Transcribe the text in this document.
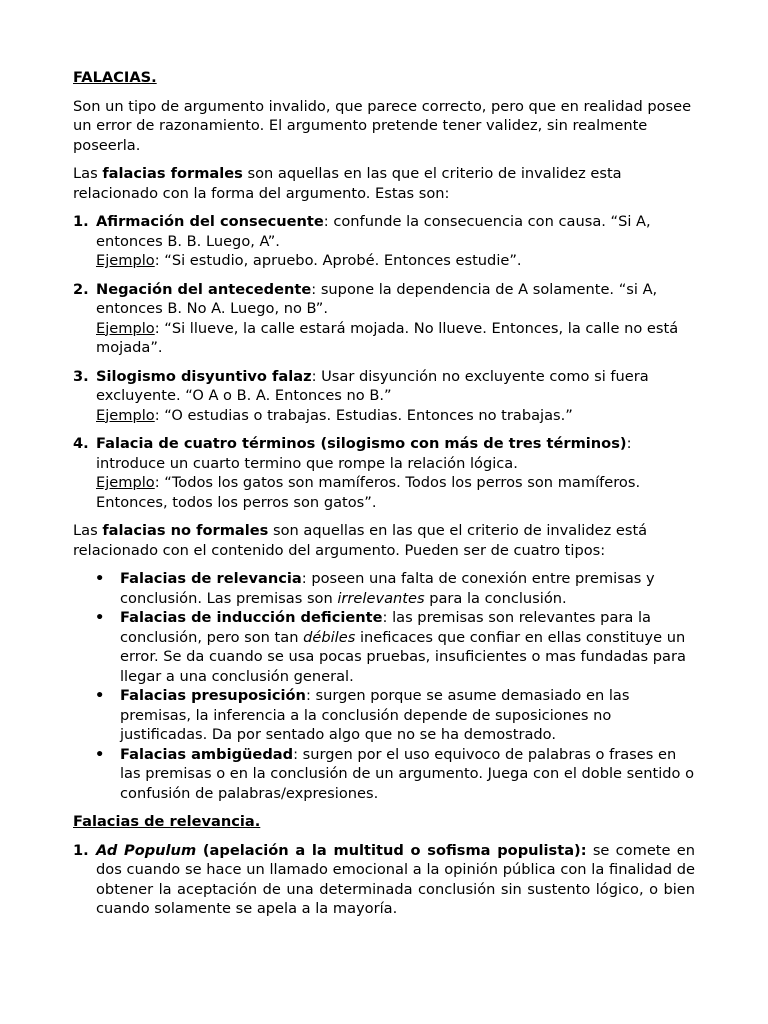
FALACIAS.

Son un tipo de argumento invalido, que parece correcto, pero que en realidad posee un error de razonamiento. El argumento pretende tener validez, sin realmente poseerla.

Las falacias formales son aquellas en las que el criterio de invalidez esta relacionado con la forma del argumento. Estas son:

1. Afirmación del consecuente: confunde la consecuencia con causa. “Si A, entonces B. B. Luego, A”.
Ejemplo: “Si estudio, apruebo. Aprobé. Entonces estudie”.
2. Negación del antecedente: supone la dependencia de A solamente. “si A, entonces B. No A. Luego, no B”.
Ejemplo: “Si llueve, la calle estará mojada. No llueve. Entonces, la calle no está mojada”.
3. Silogismo disyuntivo falaz: Usar disyunción no excluyente como si fuera excluyente. “O A o B. A. Entonces no B.”
Ejemplo: “O estudias o trabajas. Estudias. Entonces no trabajas.”
4. Falacia de cuatro términos (silogismo con más de tres términos): introduce un cuarto termino que rompe la relación lógica.
Ejemplo: “Todos los gatos son mamíferos. Todos los perros son mamíferos. Entonces, todos los perros son gatos”.

Las falacias no formales son aquellas en las que el criterio de invalidez está relacionado con el contenido del argumento. Pueden ser de cuatro tipos:

• Falacias de relevancia: poseen una falta de conexión entre premisas y conclusión. Las premisas son irrelevantes para la conclusión.
• Falacias de inducción deficiente: las premisas son relevantes para la conclusión, pero son tan débiles ineficaces que confiar en ellas constituye un error. Se da cuando se usa pocas pruebas, insuficientes o mas fundadas para llegar a una conclusión general.
• Falacias presuposición: surgen porque se asume demasiado en las premisas, la inferencia a la conclusión depende de suposiciones no justificadas. Da por sentado algo que no se ha demostrado.
• Falacias ambigüedad: surgen por el uso equivoco de palabras o frases en las premisas o en la conclusión de un argumento. Juega con el doble sentido o confusión de palabras/expresiones.

Falacias de relevancia.

1. Ad Populum (apelación a la multitud o sofisma populista): se comete en dos cuando se hace un llamado emocional a la opinión pública con la finalidad de obtener la aceptación de una determinada conclusión sin sustento lógico, o bien cuando solamente se apela a la mayoría.
